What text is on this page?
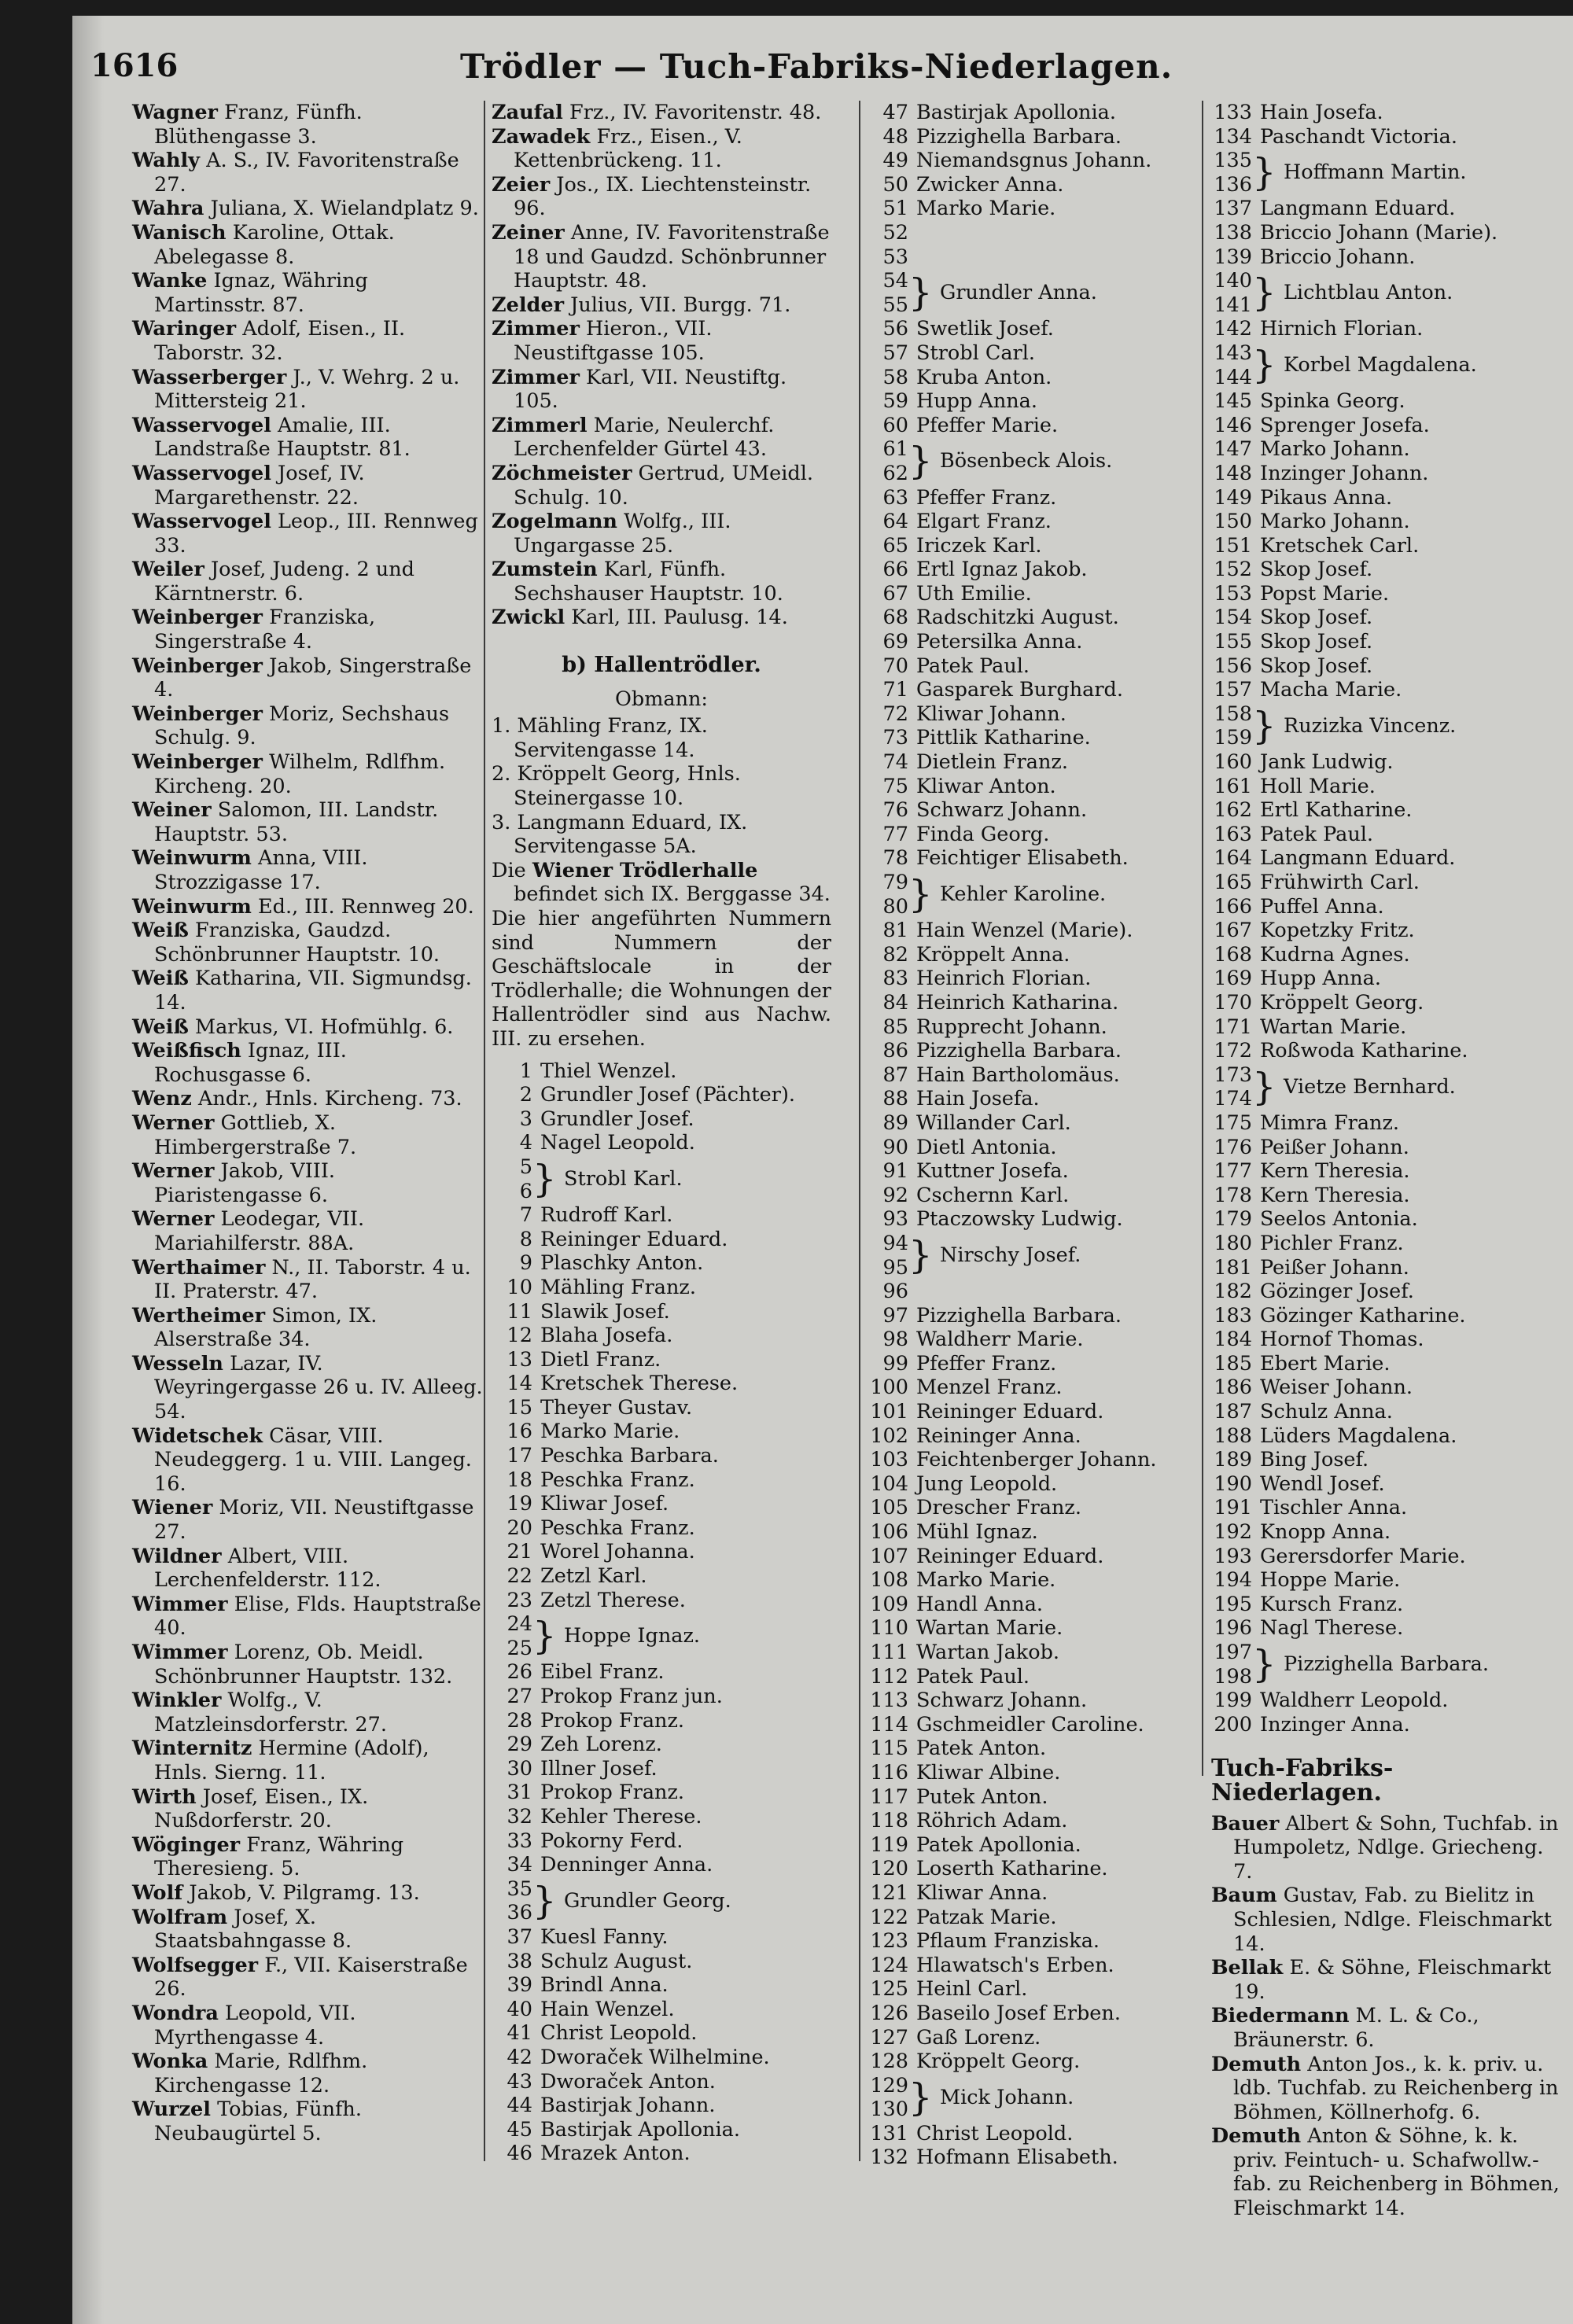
1616	Trödler — Tuch-Fabriks-Niederlagen.
Wagner Franz, Fünfh. Blüthengasse 3.
Wahly A. S., IV. Favoritenstraße 27.
Wahra Juliana, X. Wielandplatz 9.
Wanisch Karoline, Ottak. Abelegasse 8.
Wanke Ignaz, Währing Martinsstr. 87.
Waringer Adolf, Eisen., II. Taborstr. 32.
Wasserberger J., V. Wehrg. 2 u. Mittersteig 21.
Wasservogel Amalie, III. Landstraße Hauptstr. 81.
Wasservogel Josef, IV. Margarethenstr. 22.
Wasservogel Leop., III. Rennweg 33.
Weiler Josef, Judeng. 2 und Kärntnerstr. 6.
Weinberger Franziska, Singerstraße 4.
Weinberger Jakob, Singerstraße 4.
Weinberger Moriz, Sechshaus Schulg. 9.
Weinberger Wilhelm, Rdlfhm. Kircheng. 20.
Weiner Salomon, III. Landstr. Hauptstr. 53.
Weinwurm Anna, VIII. Strozzigasse 17.
Weinwurm Ed., III. Rennweg 20.
Weiß Franziska, Gaudzd. Schönbrunner Hauptstr. 10.
Weiß Katharina, VII. Sigmundsg. 14.
Weiß Markus, VI. Hofmühlg. 6.
Weißfisch Ignaz, III. Rochusgasse 6.
Wenz Andr., Hnls. Kircheng. 73.
Werner Gottlieb, X. Himbergerstraße 7.
Werner Jakob, VIII. Piaristengasse 6.
Werner Leodegar, VII. Mariahilferstr. 88A.
Werthaimer N., II. Taborstr. 4 u. II. Praterstr. 47.
Wertheimer Simon, IX. Alserstraße 34.
Wesseln Lazar, IV. Weyringergasse 26 u. IV. Alleeg. 54.
Widetschek Cäsar, VIII. Neudeggerg. 1 u. VIII. Langeg. 16.
Wiener Moriz, VII. Neustiftgasse 27.
Wildner Albert, VIII. Lerchenfelderstr. 112.
Wimmer Elise, Flds. Hauptstraße 40.
Wimmer Lorenz, Ob. Meidl. Schönbrunner Hauptstr. 132.
Winkler Wolfg., V. Matzleinsdorferstr. 27.
Winternitz Hermine (Adolf), Hnls. Sierng. 11.
Wirth Josef, Eisen., IX. Nußdorferstr. 20.
Wöginger Franz, Währing Theresieng. 5.
Wolf Jakob, V. Pilgramg. 13.
Wolfram Josef, X. Staatsbahngasse 8.
Wolfsegger F., VII. Kaiserstraße 26.
Wondra Leopold, VII. Myrthengasse 4.
Wonka Marie, Rdlfhm. Kirchengasse 12.
Wurzel Tobias, Fünfh. Neubaugürtel 5.
Zaufal Frz., IV. Favoritenstr. 48.
Zawadek Frz., Eisen., V. Kettenbrückeng. 11.
Zeier Jos., IX. Liechtensteinstr. 96.
Zeiner Anne, IV. Favoritenstraße 18 und Gaudzd. Schönbrunner Hauptstr. 48.
Zelder Julius, VII. Burgg. 71.
Zimmer Hieron., VII. Neustiftgasse 105.
Zimmer Karl, VII. Neustiftg. 105.
Zimmerl Marie, Neulerchf. Lerchenfelder Gürtel 43.
Zöchmeister Gertrud, UMeidl. Schulg. 10.
Zogelmann Wolfg., III. Ungargasse 25.
Zumstein Karl, Fünfh. Sechshauser Hauptstr. 10.
Zwickl Karl, III. Paulusg. 14.
b) Hallentrödler.
Obmann:
1. Mähling Franz, IX. Servitengasse 14.
2. Kröppelt Georg, Hnls. Steinergasse 10.
3. Langmann Eduard, IX. Servitengasse 5A.
Die Wiener Trödlerhalle befindet sich IX. Berggasse 34.
Die hier angeführten Nummern sind Nummern der Geschäftslocale in der Trödlerhalle; die Wohnungen der Hallentrödler sind aus Nachw. III. zu ersehen.
1 Thiel Wenzel.
2 Grundler Josef (Pächter).
3 Grundler Josef.
4 Nagel Leopold.
5
6 } Strobl Karl.
7 Rudroff Karl.
8 Reininger Eduard.
9 Plaschky Anton.
10 Mähling Franz.
11 Slawik Josef.
12 Blaha Josefa.
13 Dietl Franz.
14 Kretschek Therese.
15 Theyer Gustav.
16 Marko Marie.
17 Peschka Barbara.
18 Peschka Franz.
19 Kliwar Josef.
20 Peschka Franz.
21 Worel Johanna.
22 Zetzl Karl.
23 Zetzl Therese.
24
25 } Hoppe Ignaz.
26 Eibel Franz.
27 Prokop Franz jun.
28 Prokop Franz.
29 Zeh Lorenz.
30 Illner Josef.
31 Prokop Franz.
32 Kehler Therese.
33 Pokorny Ferd.
34 Denninger Anna.
35
36 } Grundler Georg.
37 Kuesl Fanny.
38 Schulz August.
39 Brindl Anna.
40 Hain Wenzel.
41 Christ Leopold.
42 Dworaček Wilhelmine.
43 Dworaček Anton.
44 Bastirjak Johann.
45 Bastirjak Apollonia.
46 Mrazek Anton.
47 Bastirjak Apollonia.
48 Pizzighella Barbara.
49 Niemandsgnus Johann.
50 Zwicker Anna.
51 Marko Marie.
52
53
54
55 } Grundler Anna.
56 Swetlik Josef.
57 Strobl Carl.
58 Kruba Anton.
59 Hupp Anna.
60 Pfeffer Marie.
61
62 } Bösenbeck Alois.
63 Pfeffer Franz.
64 Elgart Franz.
65 Iriczek Karl.
66 Ertl Ignaz Jakob.
67 Uth Emilie.
68 Radschitzki August.
69 Petersilka Anna.
70 Patek Paul.
71 Gasparek Burghard.
72 Kliwar Johann.
73 Pittlik Katharine.
74 Dietlein Franz.
75 Kliwar Anton.
76 Schwarz Johann.
77 Finda Georg.
78 Feichtiger Elisabeth.
79
80 } Kehler Karoline.
81 Hain Wenzel (Marie).
82 Kröppelt Anna.
83 Heinrich Florian.
84 Heinrich Katharina.
85 Rupprecht Johann.
86 Pizzighella Barbara.
87 Hain Bartholomäus.
88 Hain Josefa.
89 Willander Carl.
90 Dietl Antonia.
91 Kuttner Josefa.
92 Cschernn Karl.
93 Ptaczowsky Ludwig.
94
95 } Nirschy Josef.
96
97 Pizzighella Barbara.
98 Waldherr Marie.
99 Pfeffer Franz.
100 Menzel Franz.
101 Reininger Eduard.
102 Reininger Anna.
103 Feichtenberger Johann.
104 Jung Leopold.
105 Drescher Franz.
106 Mühl Ignaz.
107 Reininger Eduard.
108 Marko Marie.
109 Handl Anna.
110 Wartan Marie.
111 Wartan Jakob.
112 Patek Paul.
113 Schwarz Johann.
114 Gschmeidler Caroline.
115 Patek Anton.
116 Kliwar Albine.
117 Putek Anton.
118 Röhrich Adam.
119 Patek Apollonia.
120 Loserth Katharine.
121 Kliwar Anna.
122 Patzak Marie.
123 Pflaum Franziska.
124 Hlawatsch's Erben.
125 Heinl Carl.
126 Baseilo Josef Erben.
127 Gaß Lorenz.
128 Kröppelt Georg.
129
130 } Mick Johann.
131 Christ Leopold.
132 Hofmann Elisabeth.
133 Hain Josefa.
134 Paschandt Victoria.
135
136 } Hoffmann Martin.
137 Langmann Eduard.
138 Briccio Johann (Marie).
139 Briccio Johann.
140
141 } Lichtblau Anton.
142 Hirnich Florian.
143
144 } Korbel Magdalena.
145 Spinka Georg.
146 Sprenger Josefa.
147 Marko Johann.
148 Inzinger Johann.
149 Pikaus Anna.
150 Marko Johann.
151 Kretschek Carl.
152 Skop Josef.
153 Popst Marie.
154 Skop Josef.
155 Skop Josef.
156 Skop Josef.
157 Macha Marie.
158
159 } Ruzizka Vincenz.
160 Jank Ludwig.
161 Holl Marie.
162 Ertl Katharine.
163 Patek Paul.
164 Langmann Eduard.
165 Frühwirth Carl.
166 Puffel Anna.
167 Kopetzky Fritz.
168 Kudrna Agnes.
169 Hupp Anna.
170 Kröppelt Georg.
171 Wartan Marie.
172 Roßwoda Katharine.
173
174 } Vietze Bernhard.
175 Mimra Franz.
176 Peißer Johann.
177 Kern Theresia.
178 Kern Theresia.
179 Seelos Antonia.
180 Pichler Franz.
181 Peißer Johann.
182 Gözinger Josef.
183 Gözinger Katharine.
184 Hornof Thomas.
185 Ebert Marie.
186 Weiser Johann.
187 Schulz Anna.
188 Lüders Magdalena.
189 Bing Josef.
190 Wendl Josef.
191 Tischler Anna.
192 Knopp Anna.
193 Gerersdorfer Marie.
194 Hoppe Marie.
195 Kursch Franz.
196 Nagl Therese.
197
198 } Pizzighella Barbara.
199 Waldherr Leopold.
200 Inzinger Anna.
Tuch-Fabriks-Niederlagen.
Bauer Albert & Sohn, Tuchfab. in Humpoletz, Ndlge. Griecheng. 7.
Baum Gustav, Fab. zu Bielitz in Schlesien, Ndlge. Fleischmarkt 14.
Bellak E. & Söhne, Fleischmarkt 19.
Biedermann M. L. & Co., Bräunerstr. 6.
Demuth Anton Jos., k. k. priv. u. ldb. Tuchfab. zu Reichenberg in Böhmen, Köllnerhofg. 6.
Demuth Anton & Söhne, k. k. priv. Feintuch- u. Schafwollw.-fab. zu Reichenberg in Böhmen, Fleischmarkt 14.
